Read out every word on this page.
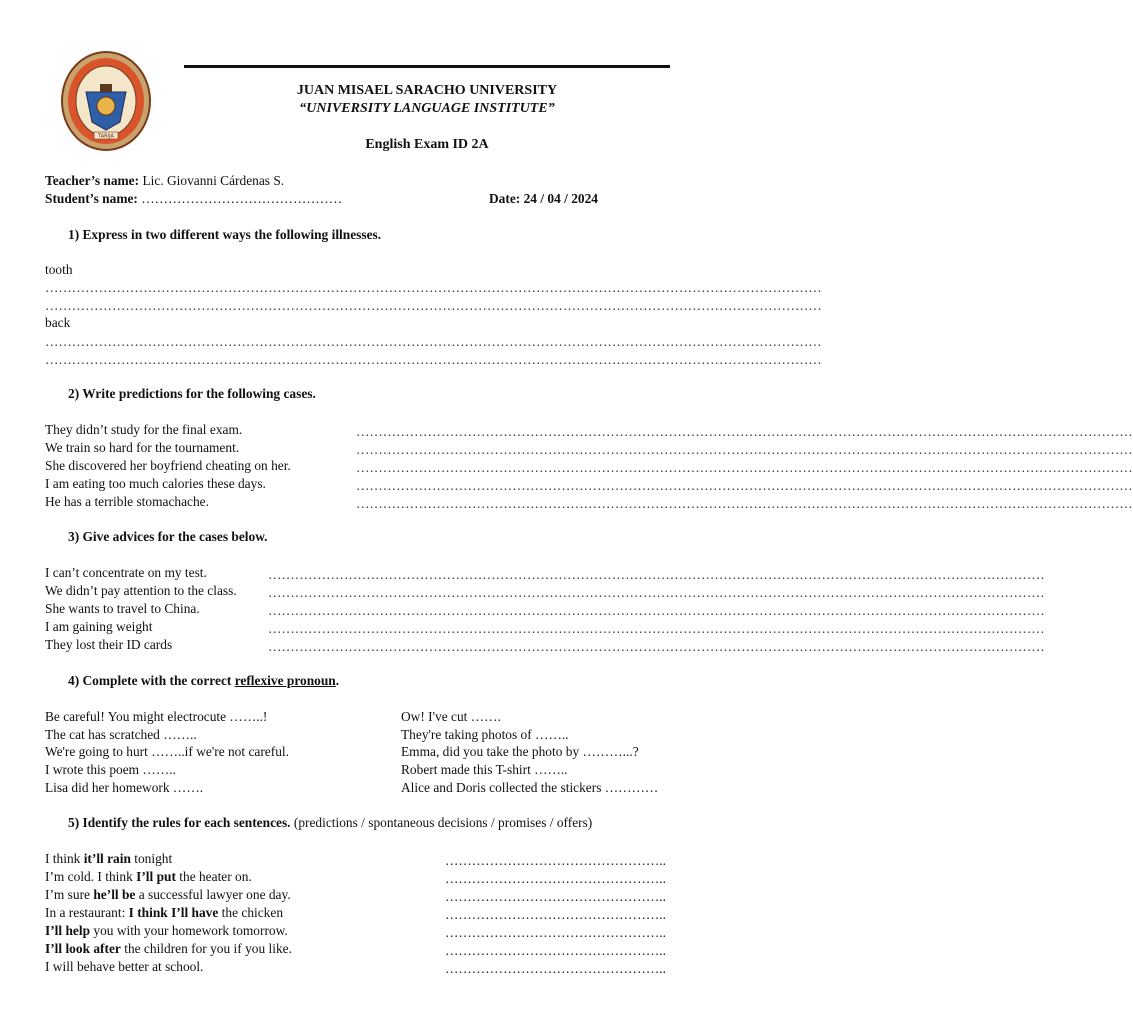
TARIJA
JUAN MISAEL SARACHO UNIVERSITY
“UNIVERSITY LANGUAGE INSTITUTE”
English Exam ID 2A
Teacher’s name: Lic. Giovanni Cárdenas S.
Student’s name: ………………………………………	Date: 24 / 04 / 2024
1) Express in two different ways the following illnesses.
tooth
…………………………………………………………………………………………………………………………………………………………
…………………………………………………………………………………………………………………………………………………………
back
…………………………………………………………………………………………………………………………………………………………
…………………………………………………………………………………………………………………………………………………………
2) Write predictions for the following cases.
They didn’t study for the final exam.
We train so hard for the tournament.
She discovered her boyfriend cheating on her.
I am eating too much calories these days.
He has a terrible stomachache.
…………………………………………………………………………………………………………………………………………………………
…………………………………………………………………………………………………………………………………………………………
…………………………………………………………………………………………………………………………………………………………
…………………………………………………………………………………………………………………………………………………………
…………………………………………………………………………………………………………………………………………………………
3) Give advices for the cases below.
I can’t concentrate on my test.
We didn’t pay attention to the class.
She wants to travel to China.
I am gaining weight
They lost their ID cards
…………………………………………………………………………………………………………………………………………………………
…………………………………………………………………………………………………………………………………………………………
…………………………………………………………………………………………………………………………………………………………
…………………………………………………………………………………………………………………………………………………………
…………………………………………………………………………………………………………………………………………………………
4) Complete with the correct reflexive pronoun.
Be careful! You might electrocute ……..!
The cat has scratched ……..
We're going to hurt ……..if we're not careful.
I wrote this poem ……..
Lisa did her homework …….
Ow! I've cut …….
They're taking photos of ……..
Emma, did you take the photo by ………...?
Robert made this T-shirt ……..
Alice and Doris collected the stickers …………
5) Identify the rules for each sentences. (predictions / spontaneous decisions / promises / offers)
I think it’ll rain tonight
I’m cold. I think I’ll put the heater on.
I’m sure he’ll be a successful lawyer one day.
In a restaurant: I think I’ll have the chicken
I’ll help you with your homework tomorrow.
I’ll look after the children for you if you like.
I will behave better at school.
…………………………………………..
…………………………………………..
…………………………………………..
…………………………………………..
…………………………………………..
…………………………………………..
…………………………………………..
